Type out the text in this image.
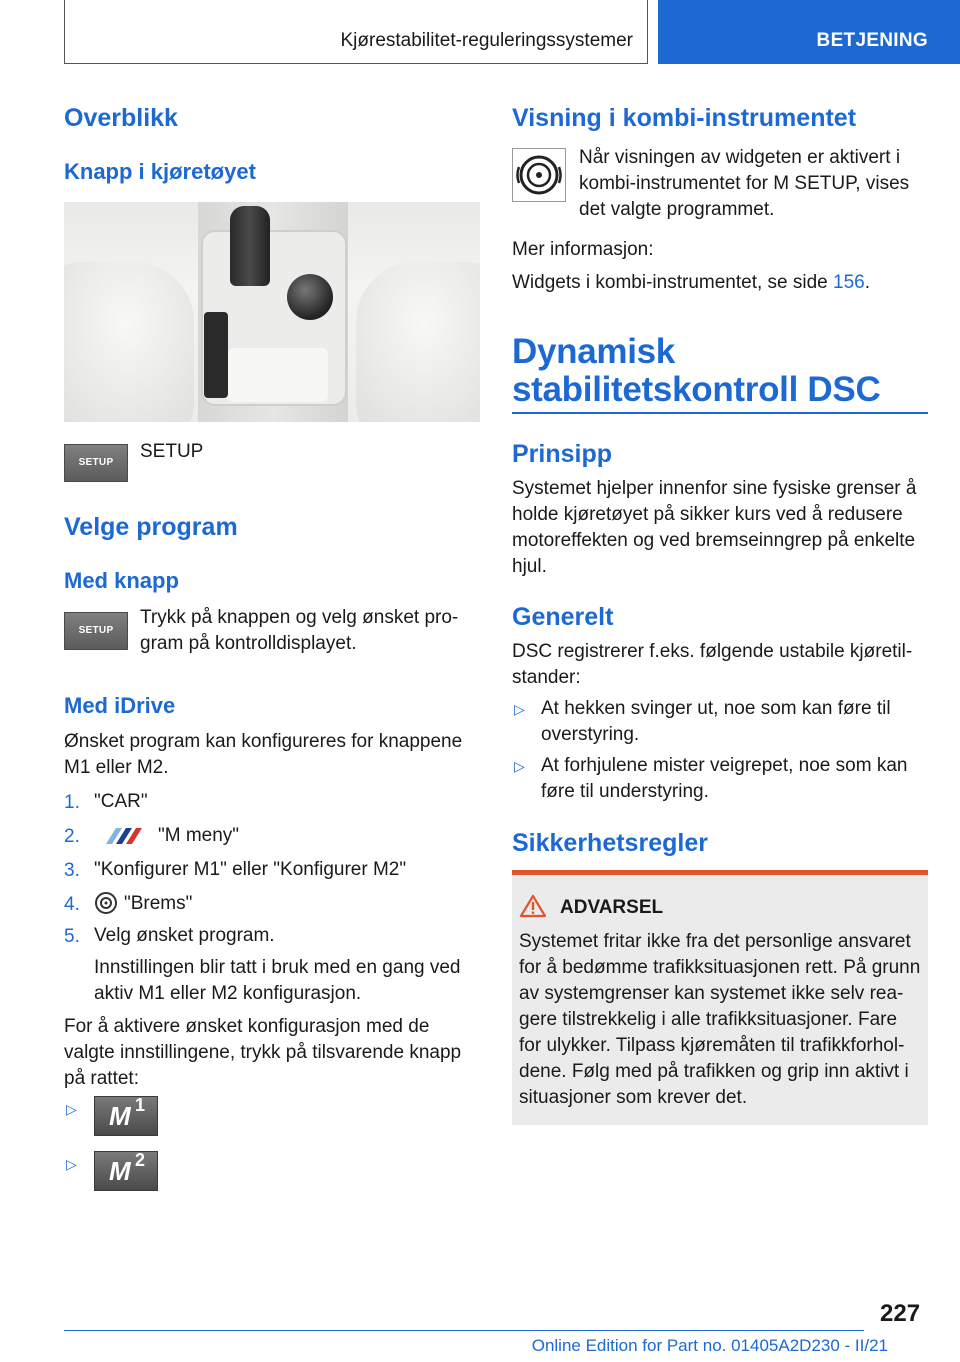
Kjørestabilitet-reguleringssystemer	BETJENING
Overblikk
Knapp i kjøretøyet
SETUP
SETUP
Velge program
Med knapp
SETUP
Trykk på knappen og velg ønsket pro-
gram på kontrolldisplayet.
Med iDrive
Ønsket program kan konfigureres for knappene
M1 eller M2.
1. "CAR"
2.	"M meny"
3. "Konfigurer M1" eller "Konfigurer M2"
4. "Brems"
5. Velg ønsket program.
Innstillingen blir tatt i bruk med en gang ved
aktiv M1 eller M2 konfigurasjon.
For å aktivere ønsket konfigurasjon med de
valgte innstillingene, trykk på tilsvarende knapp
på rattet:
▷ M 1
▷ M 2
Visning i kombi-instrumentet
Når visningen av widgeten er aktivert i
kombi-instrumentet for M SETUP, vises
det valgte programmet.
Mer informasjon:
Widgets i kombi-instrumentet, se side 156.
Dynamisk
stabilitetskontroll DSC
Prinsipp
Systemet hjelper innenfor sine fysiske grenser å
holde kjøretøyet på sikker kurs ved å redusere
motoreffekten og ved bremseinngrep på enkelte
hjul.
Generelt
DSC registrerer f.eks. følgende ustabile kjøretil-
stander:
▷ At hekken svinger ut, noe som kan føre til
overstyring.
▷ At forhjulene mister veigrepet, noe som kan
føre til understyring.
Sikkerhetsregler
ADVARSEL
Systemet fritar ikke fra det personlige ansvaret
for å bedømme trafikksituasjonen rett. På grunn
av systemgrenser kan systemet ikke selv rea-
gere tilstrekkelig i alle trafikksituasjoner. Fare
for ulykker. Tilpass kjøremåten til trafikkforhol-
dene. Følg med på trafikken og grip inn aktivt i
situasjoner som krever det.
227
Online Edition for Part no. 01405A2D230 - II/21
